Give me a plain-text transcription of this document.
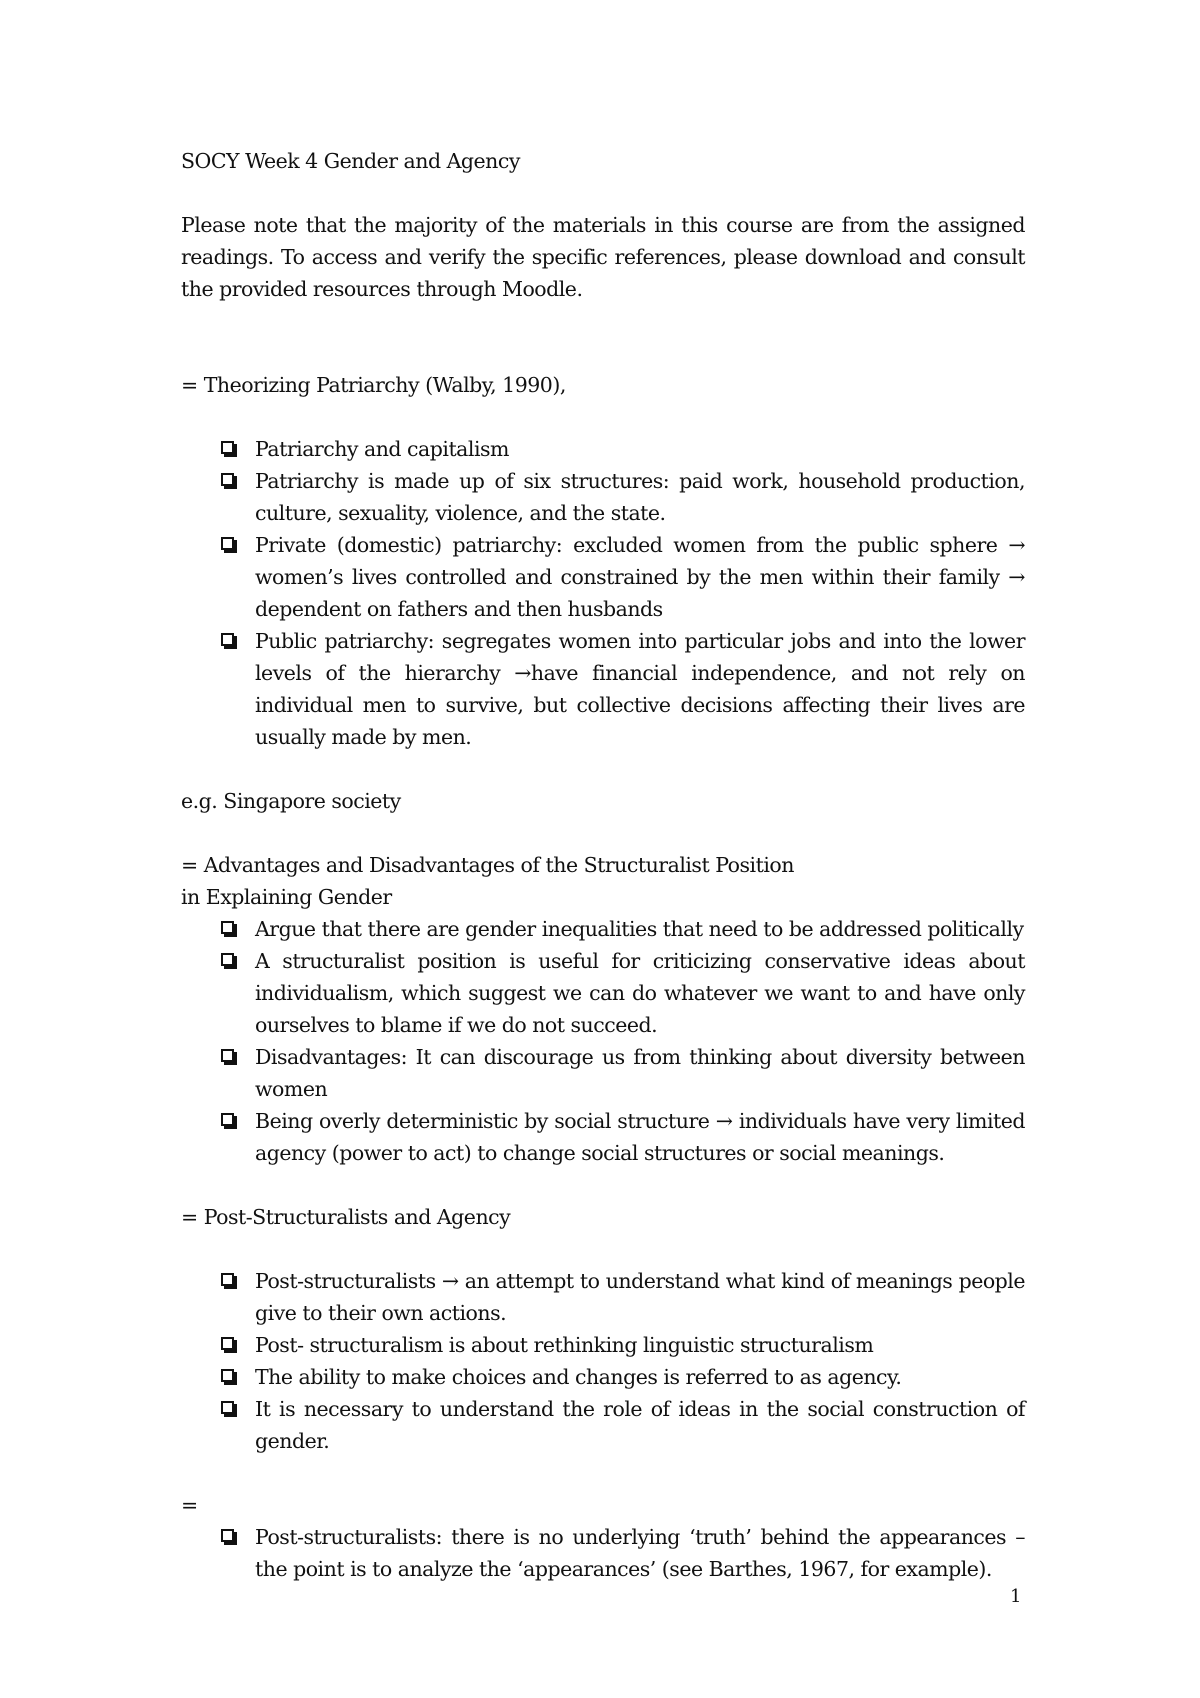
SOCY Week 4 Gender and Agency

Please note that the majority of the materials in this course are from the assigned readings. To access and verify the specific references, please download and consult the provided resources through Moodle.

= Theorizing Patriarchy (Walby, 1990),
Patriarchy and capitalism
Patriarchy is made up of six structures: paid work, household production, culture, sexuality, violence, and the state.
Private (domestic) patriarchy: excluded women from the public sphere → women’s lives controlled and constrained by the men within their family → dependent on fathers and then husbands
Public patriarchy: segregates women into particular jobs and into the lower levels of the hierarchy →have financial independence, and not rely on individual men to survive, but collective decisions affecting their lives are usually made by men.
e.g. Singapore society
= Advantages and Disadvantages of the Structuralist Position
in Explaining Gender
Argue that there are gender inequalities that need to be addressed politically
A structuralist position is useful for criticizing conservative ideas about individualism, which suggest we can do whatever we want to and have only ourselves to blame if we do not succeed.
Disadvantages: It can discourage us from thinking about diversity between women
Being overly deterministic by social structure → individuals have very limited agency (power to act) to change social structures or social meanings.
= Post-Structuralists and Agency
Post-structuralists → an attempt to understand what kind of meanings people give to their own actions.
Post- structuralism is about rethinking linguistic structuralism
The ability to make choices and changes is referred to as agency.
It is necessary to understand the role of ideas in the social construction of gender.
=
Post-structuralists: there is no underlying ‘truth’ behind the appearances – the point is to analyze the ‘appearances’ (see Barthes, 1967, for example).
1
